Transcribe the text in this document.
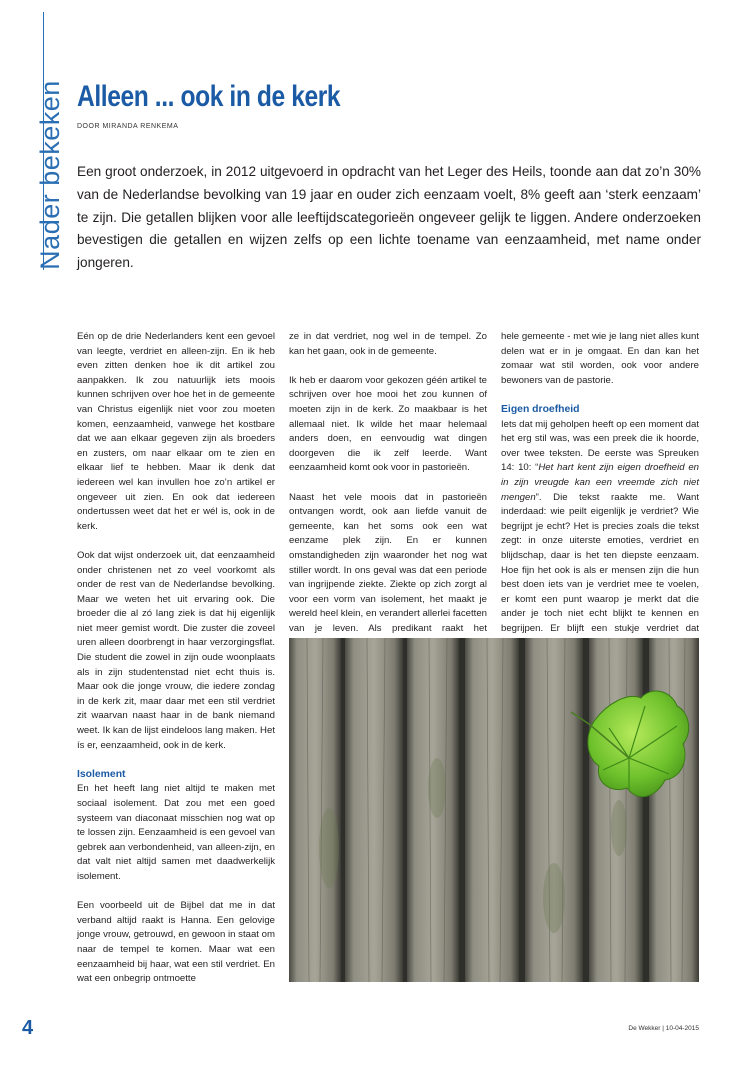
Nader bekeken Alleen ... ook in de kerk
DOOR MIRANDA RENKEMA

Een groot onderzoek, in 2012 uitgevoerd in opdracht van het Leger des Heils, toonde aan dat zo’n 30% van de Nederlandse bevolking van 19 jaar en ouder zich eenzaam voelt, 8% geeft aan ‘sterk eenzaam’ te zijn. Die getallen blijken voor alle leeftijdscategorieën ongeveer gelijk te liggen. Andere onderzoeken bevestigen die getallen en wijzen zelfs op een lichte toename van eenzaamheid, met name onder jongeren.

Eén op de drie Nederlanders kent een gevoel van leegte, verdriet en alleen-zijn. En ik heb even zitten denken hoe ik dit artikel zou aanpakken. Ik zou natuurlijk iets moois kunnen schrijven over hoe het in de gemeente van Christus eigenlijk niet voor zou moeten komen, eenzaamheid, vanwege het kostbare dat we aan elkaar gegeven zijn als broeders en zusters, om naar elkaar om te zien en elkaar lief te hebben. Maar ik denk dat iedereen wel kan invullen hoe zo’n artikel er ongeveer uit zien. En ook dat iedereen ondertussen weet dat het er wél is, ook in de kerk.

Ook dat wijst onderzoek uit, dat eenzaamheid onder christenen net zo veel voorkomt als onder de rest van de Nederlandse bevolking. Maar we weten het uit ervaring ook. Die broeder die al zó lang ziek is dat hij eigenlijk niet meer gemist wordt. Die zuster die zoveel uren alleen doorbrengt in haar verzorgingsflat. Die student die zowel in zijn oude woonplaats als in zijn studentenstad niet echt thuis is. Maar ook die jonge vrouw, die iedere zondag in de kerk zit, maar daar met een stil verdriet zit waarvan naast haar in de bank niemand weet. Ik kan de lijst eindeloos lang maken. Het ís er, eenzaamheid, ook in de kerk.

Isolement

En het heeft lang niet altijd te maken met sociaal isolement. Dat zou met een goed systeem van diaconaat misschien nog wat op te lossen zijn. Eenzaamheid is een gevoel van gebrek aan verbondenheid, van alleen-zijn, en dat valt niet altijd samen met daadwerkelijk isolement.

Een voorbeeld uit de Bijbel dat me in dat verband altijd raakt is Hanna. Een gelovige jonge vrouw, getrouwd, en gewoon in staat om naar de tempel te komen. Maar wat een eenzaamheid bij haar, wat een stil verdriet. En wat een onbegrip ontmoette

ze in dat verdriet, nog wel in de tempel. Zo kan het gaan, ook in de gemeente.

Ik heb er daarom voor gekozen géén artikel te schrijven over hoe mooi het zou kunnen of moeten zijn in de kerk. Zo maakbaar is het allemaal niet. Ik wilde het maar helemaal anders doen, en eenvoudig wat dingen doorgeven die ik zelf leerde. Want eenzaamheid komt ook voor in pastorieën.

Naast het vele moois dat in pastorieën ontvangen wordt, ook aan liefde vanuit de gemeente, kan het soms ook een wat eenzame plek zijn. En er kunnen omstandigheden zijn waaronder het nog wat stiller wordt. In ons geval was dat een periode van ingrijpende ziekte. Ziekte op zich zorgt al voor een vorm van isolement, het maakt je wereld heel klein, en verandert allerlei facetten van je leven. Als predikant raakt het

hele gemeente - met wie je lang niet alles kunt delen wat er in je omgaat. En dan kan het zomaar wat stil worden, ook voor andere bewoners van de pastorie.

Eigen droefheid

Iets dat mij geholpen heeft op een moment dat het erg stil was, was een preek die ik hoorde, over twee teksten. De eerste was Spreuken 14: 10: “Het hart kent zijn eigen droefheid en in zijn vreugde kan een vreemde zich niet mengen”. Die tekst raakte me. Want inderdaad: wie peilt eigenlijk je verdriet? Wie begrijpt je echt? Het is precies zoals die tekst zegt: in onze uiterste emoties, verdriet en blijdschap, daar is het ten diepste eenzaam. Hoe fijn het ook is als er mensen zijn die hun best doen iets van je verdriet mee te voelen, er komt een punt waarop je merkt dat die ander je toch niet echt blijkt te kennen en begrijpen. Er blijft een stukje verdriet dat

4	De Wekker | 10-04-2015
